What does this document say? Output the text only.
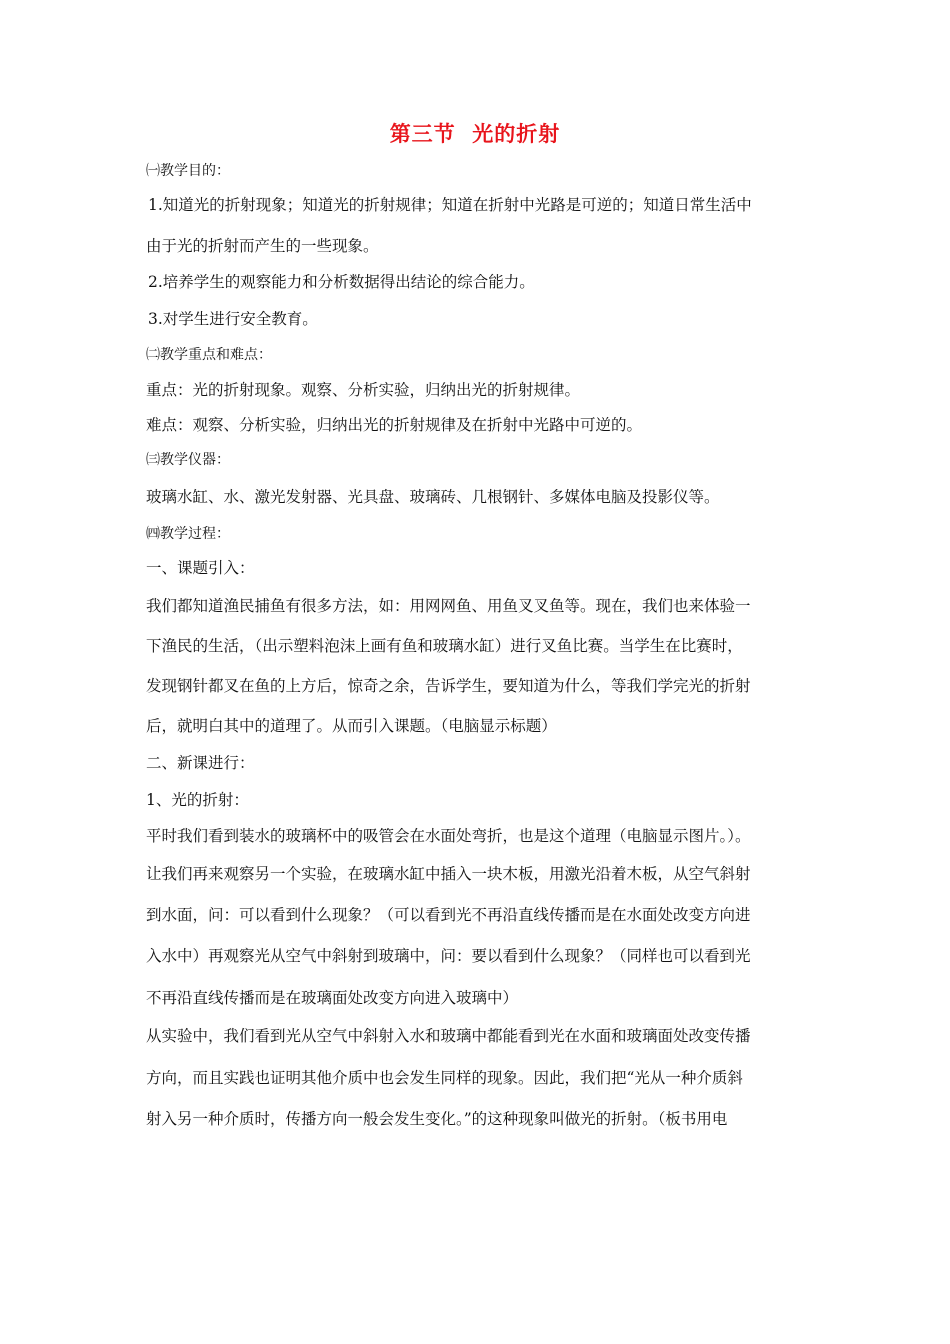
第三节  光的折射
㈠教学目的：
1.知道光的折射现象；知道光的折射规律；知道在折射中光路是可逆的；知道日常生活中
由于光的折射而产生的一些现象。
2.培养学生的观察能力和分析数据得出结论的综合能力。
3.对学生进行安全教育。
㈡教学重点和难点：
重点：光的折射现象。观察、分析实验，归纳出光的折射规律。
难点：观察、分析实验，归纳出光的折射规律及在折射中光路中可逆的。
㈢教学仪器：
玻璃水缸、水、激光发射器、光具盘、玻璃砖、几根钢针、多媒体电脑及投影仪等。
㈣教学过程：
一、课题引入：
我们都知道渔民捕鱼有很多方法，如：用网网鱼、用鱼叉叉鱼等。现在，我们也来体验一
下渔民的生活，（出示塑料泡沫上画有鱼和玻璃水缸）进行叉鱼比赛。当学生在比赛时，
发现钢针都叉在鱼的上方后，惊奇之余，告诉学生，要知道为什么，等我们学完光的折射
后，就明白其中的道理了。从而引入课题。（电脑显示标题）
二、新课进行：
1、光的折射：
平时我们看到装水的玻璃杯中的吸管会在水面处弯折，也是这个道理（电脑显示图片。）。
让我们再来观察另一个实验，在玻璃水缸中插入一块木板，用激光沿着木板，从空气斜射
到水面，问：可以看到什么现象？（可以看到光不再沿直线传播而是在水面处改变方向进
入水中）再观察光从空气中斜射到玻璃中，问：要以看到什么现象？（同样也可以看到光
不再沿直线传播而是在玻璃面处改变方向进入玻璃中）
从实验中，我们看到光从空气中斜射入水和玻璃中都能看到光在水面和玻璃面处改变传播
方向，而且实践也证明其他介质中也会发生同样的现象。因此，我们把“光从一种介质斜
射入另一种介质时，传播方向一般会发生变化。”的这种现象叫做光的折射。（板书用电
